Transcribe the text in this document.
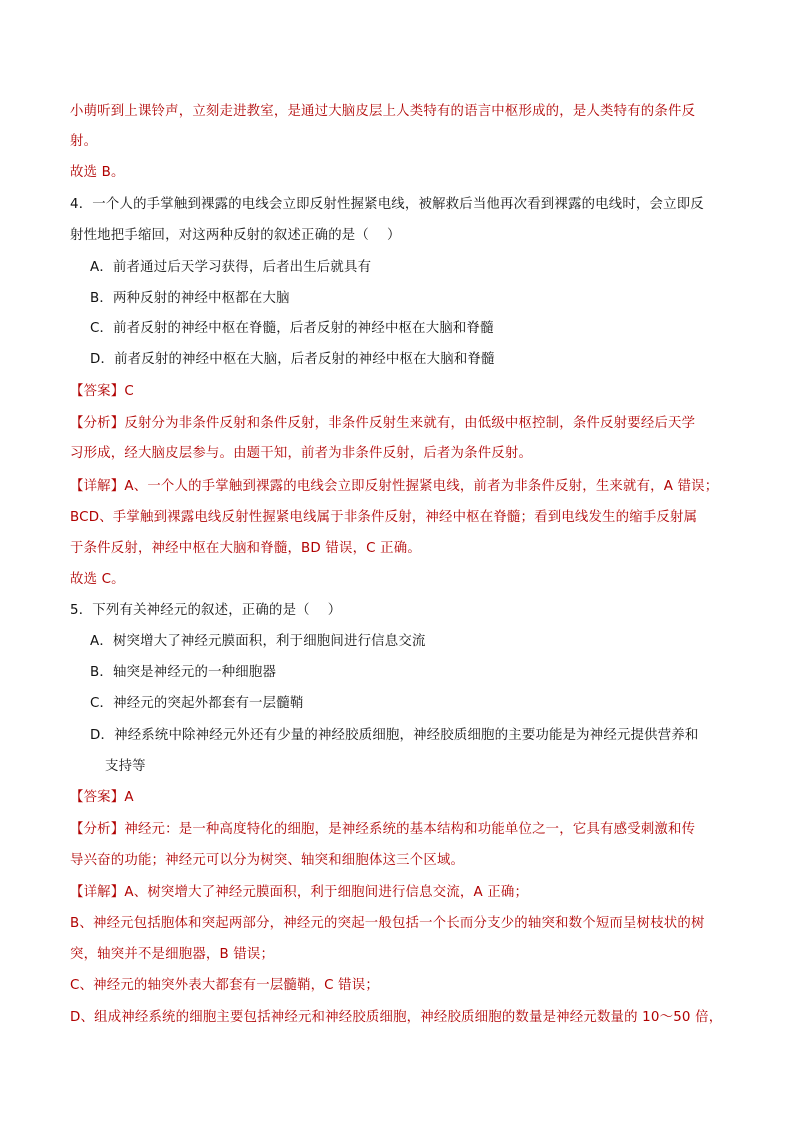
小萌听到上课铃声，立刻走进教室，是通过大脑皮层上人类特有的语言中枢形成的，是人类特有的条件反
射。
故选 B。
4．一个人的手掌触到裸露的电线会立即反射性握紧电线，被解救后当他再次看到裸露的电线时，会立即反
射性地把手缩回，对这两种反射的叙述正确的是（　 ）
A．前者通过后天学习获得，后者出生后就具有
B．两种反射的神经中枢都在大脑
C．前者反射的神经中枢在脊髓，后者反射的神经中枢在大脑和脊髓
D．前者反射的神经中枢在大脑，后者反射的神经中枢在大脑和脊髓
【答案】C
【分析】反射分为非条件反射和条件反射，非条件反射生来就有，由低级中枢控制，条件反射要经后天学
习形成，经大脑皮层参与。由题干知，前者为非条件反射，后者为条件反射。
【详解】A、一个人的手掌触到裸露的电线会立即反射性握紧电线，前者为非条件反射，生来就有，A 错误；
BCD、手掌触到裸露电线反射性握紧电线属于非条件反射，神经中枢在脊髓；看到电线发生的缩手反射属
于条件反射，神经中枢在大脑和脊髓，BD 错误，C 正确。
故选 C。
5．下列有关神经元的叙述，正确的是（　 ）
A．树突增大了神经元膜面积，利于细胞间进行信息交流
B．轴突是神经元的一种细胞器
C．神经元的突起外都套有一层髓鞘
D．神经系统中除神经元外还有少量的神经胶质细胞，神经胶质细胞的主要功能是为神经元提供营养和
支持等
【答案】A
【分析】神经元：是一种高度特化的细胞，是神经系统的基本结构和功能单位之一，它具有感受刺激和传
导兴奋的功能；神经元可以分为树突、轴突和细胞体这三个区域。
【详解】A、树突增大了神经元膜面积，利于细胞间进行信息交流，A 正确；
B、神经元包括胞体和突起两部分，神经元的突起一般包括一个长而分支少的轴突和数个短而呈树枝状的树
突，轴突并不是细胞器，B 错误；
C、神经元的轴突外表大都套有一层髓鞘，C 错误；
D、组成神经系统的细胞主要包括神经元和神经胶质细胞，神经胶质细胞的数量是神经元数量的 10～50 倍，
